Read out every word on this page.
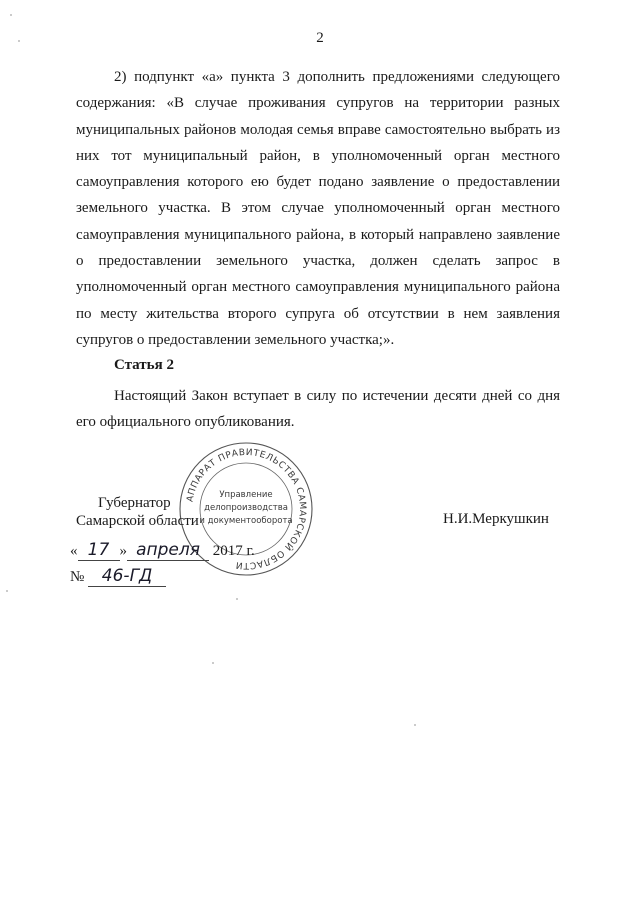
2

2) подпункт «а» пункта 3 дополнить предложениями следующего содержания: «В случае проживания супругов на территории разных муниципальных районов молодая семья вправе самостоятельно выбрать из них тот муниципальный район, в уполномоченный орган местного самоуправления которого ею будет подано заявление о предоставлении земельного участка. В этом случае уполномоченный орган местного самоуправления муниципального района, в который направлено заявление о предоставлении земельного участка, должен сделать запрос в уполномоченный орган местного самоуправления муниципального района по месту жительства второго супруга об отсутствии в нем заявления супругов о предоставлении земельного участка;».

Статья 2

Настоящий Закон вступает в силу по истечении десяти дней со дня его официального опубликования.

АППАРАТ ПРАВИТЕЛЬСТВА САМАРСКОЙ ОБЛАСТИ
Управление
делопроизводства
и документооборота
Губернатор
Самарской области	Н.И.Меркушкин
« 17 » апреля 2017 г.
№ 46-ГД
